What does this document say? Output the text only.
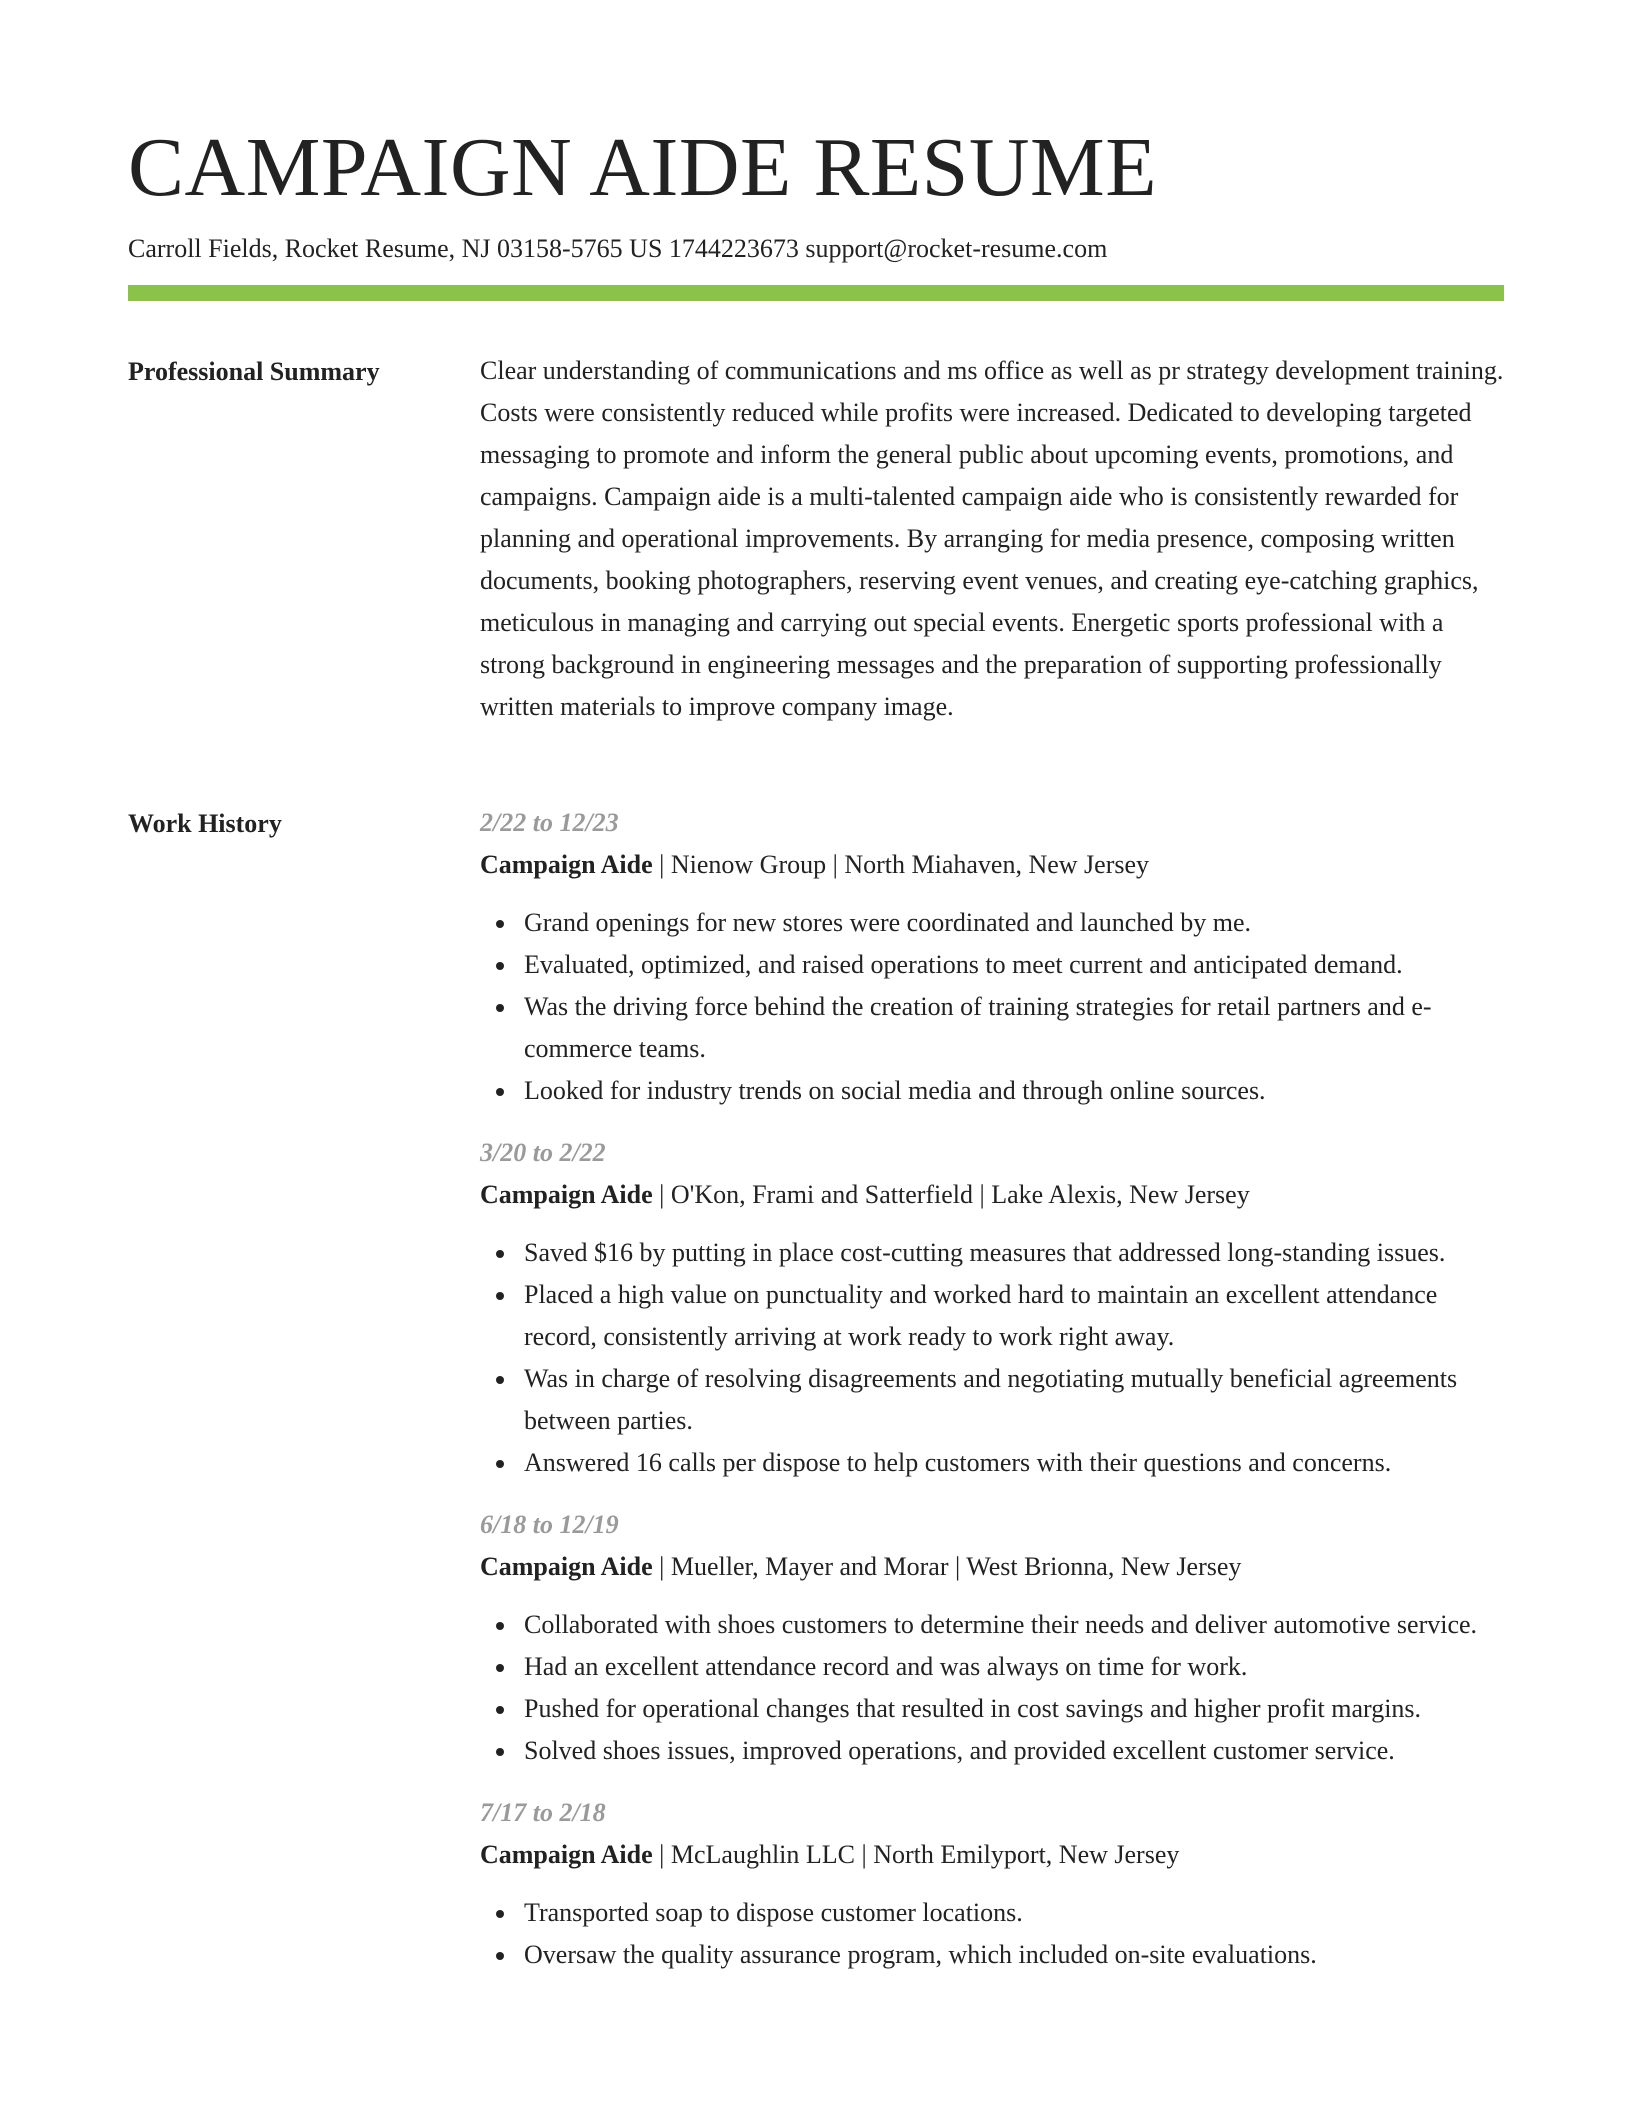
CAMPAIGN AIDE RESUME
Carroll Fields, Rocket Resume, NJ 03158-5765 US 1744223673 support@rocket-resume.com
Professional Summary	Clear understanding of communications and ms office as well as pr strategy development training. Costs were consistently reduced while profits were increased. Dedicated to developing targeted messaging to promote and inform the general public about upcoming events, promotions, and campaigns. Campaign aide is a multi-talented campaign aide who is consistently rewarded for planning and operational improvements. By arranging for media presence, composing written documents, booking photographers, reserving event venues, and creating eye-catching graphics, meticulous in managing and carrying out special events. Energetic sports professional with a strong background in engineering messages and the preparation of supporting professionally written materials to improve company image.

Work History	2/22 to 12/23
Campaign Aide | Nienow Group | North Miahaven, New Jersey
Grand openings for new stores were coordinated and launched by me.
Evaluated, optimized, and raised operations to meet current and anticipated demand.
Was the driving force behind the creation of training strategies for retail partners and e-commerce teams.
Looked for industry trends on social media and through online sources.
3/20 to 2/22
Campaign Aide | O'Kon, Frami and Satterfield | Lake Alexis, New Jersey
Saved $16 by putting in place cost-cutting measures that addressed long-standing issues.
Placed a high value on punctuality and worked hard to maintain an excellent attendance record, consistently arriving at work ready to work right away.
Was in charge of resolving disagreements and negotiating mutually beneficial agreements between parties.
Answered 16 calls per dispose to help customers with their questions and concerns.
6/18 to 12/19
Campaign Aide | Mueller, Mayer and Morar | West Brionna, New Jersey
Collaborated with shoes customers to determine their needs and deliver automotive service.
Had an excellent attendance record and was always on time for work.
Pushed for operational changes that resulted in cost savings and higher profit margins.
Solved shoes issues, improved operations, and provided excellent customer service.
7/17 to 2/18
Campaign Aide | McLaughlin LLC | North Emilyport, New Jersey
Transported soap to dispose customer locations.
Oversaw the quality assurance program, which included on-site evaluations.
